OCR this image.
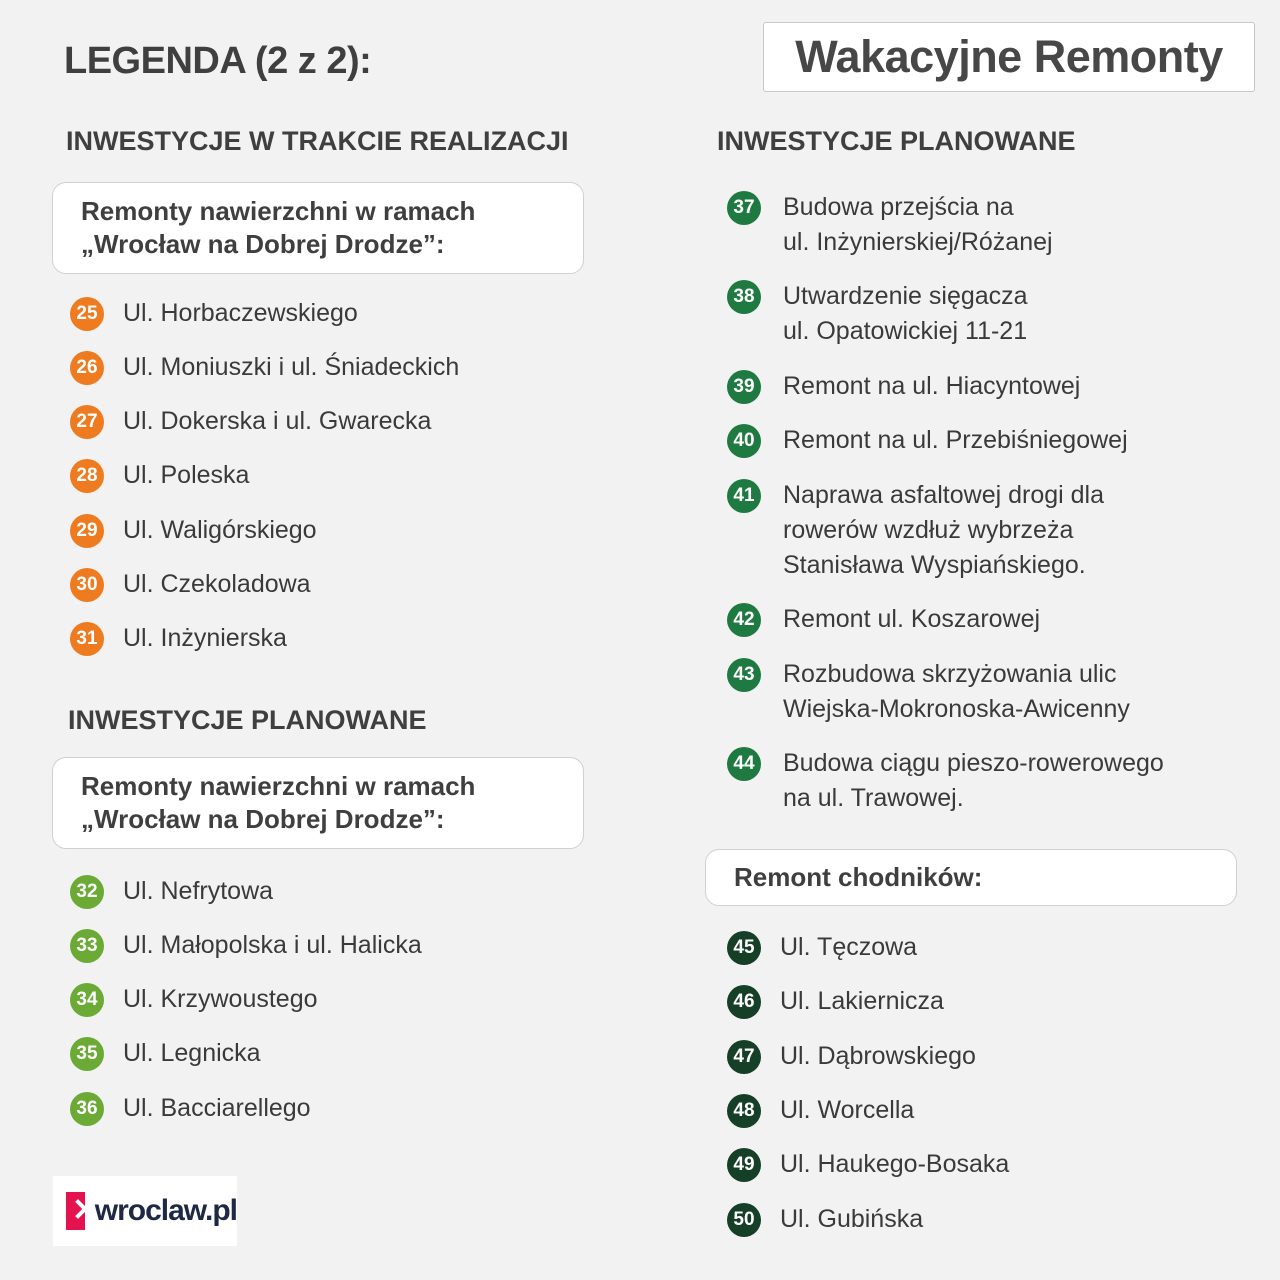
LEGENDA (2 z 2):	Wakacyjne Remonty
INWESTYCJE W TRAKCIE REALIZACJI
Remonty nawierzchni w ramach
„Wrocław na Dobrej Drodze”:
25 Ul. Horbaczewskiego
26 Ul. Moniuszki i ul. Śniadeckich
27 Ul. Dokerska i ul. Gwarecka
28 Ul. Poleska
29 Ul. Waligórskiego
30 Ul. Czekoladowa
31 Ul. Inżynierska
INWESTYCJE PLANOWANE
Remonty nawierzchni w ramach
„Wrocław na Dobrej Drodze”:
32 Ul. Nefrytowa
33 Ul. Małopolska i ul. Halicka
34 Ul. Krzywoustego
35 Ul. Legnicka
36 Ul. Bacciarellego
INWESTYCJE PLANOWANE
37 Budowa przejścia na
ul. Inżynierskiej/Różanej
38 Utwardzenie sięgacza
ul. Opatowickiej 11-21
39 Remont na ul. Hiacyntowej
40 Remont na ul. Przebiśniegowej
41 Naprawa asfaltowej drogi dla
rowerów wzdłuż wybrzeża
Stanisława Wyspiańskiego.
42 Remont ul. Koszarowej
43 Rozbudowa skrzyżowania ulic
Wiejska-Mokronoska-Awicenny
44 Budowa ciągu pieszo-rowerowego
na ul. Trawowej.
Remont chodników:
45 Ul. Tęczowa
46 Ul. Lakiernicza
47 Ul. Dąbrowskiego
48 Ul. Worcella
49 Ul. Haukego-Bosaka
50 Ul. Gubińska
wroclaw.pl
